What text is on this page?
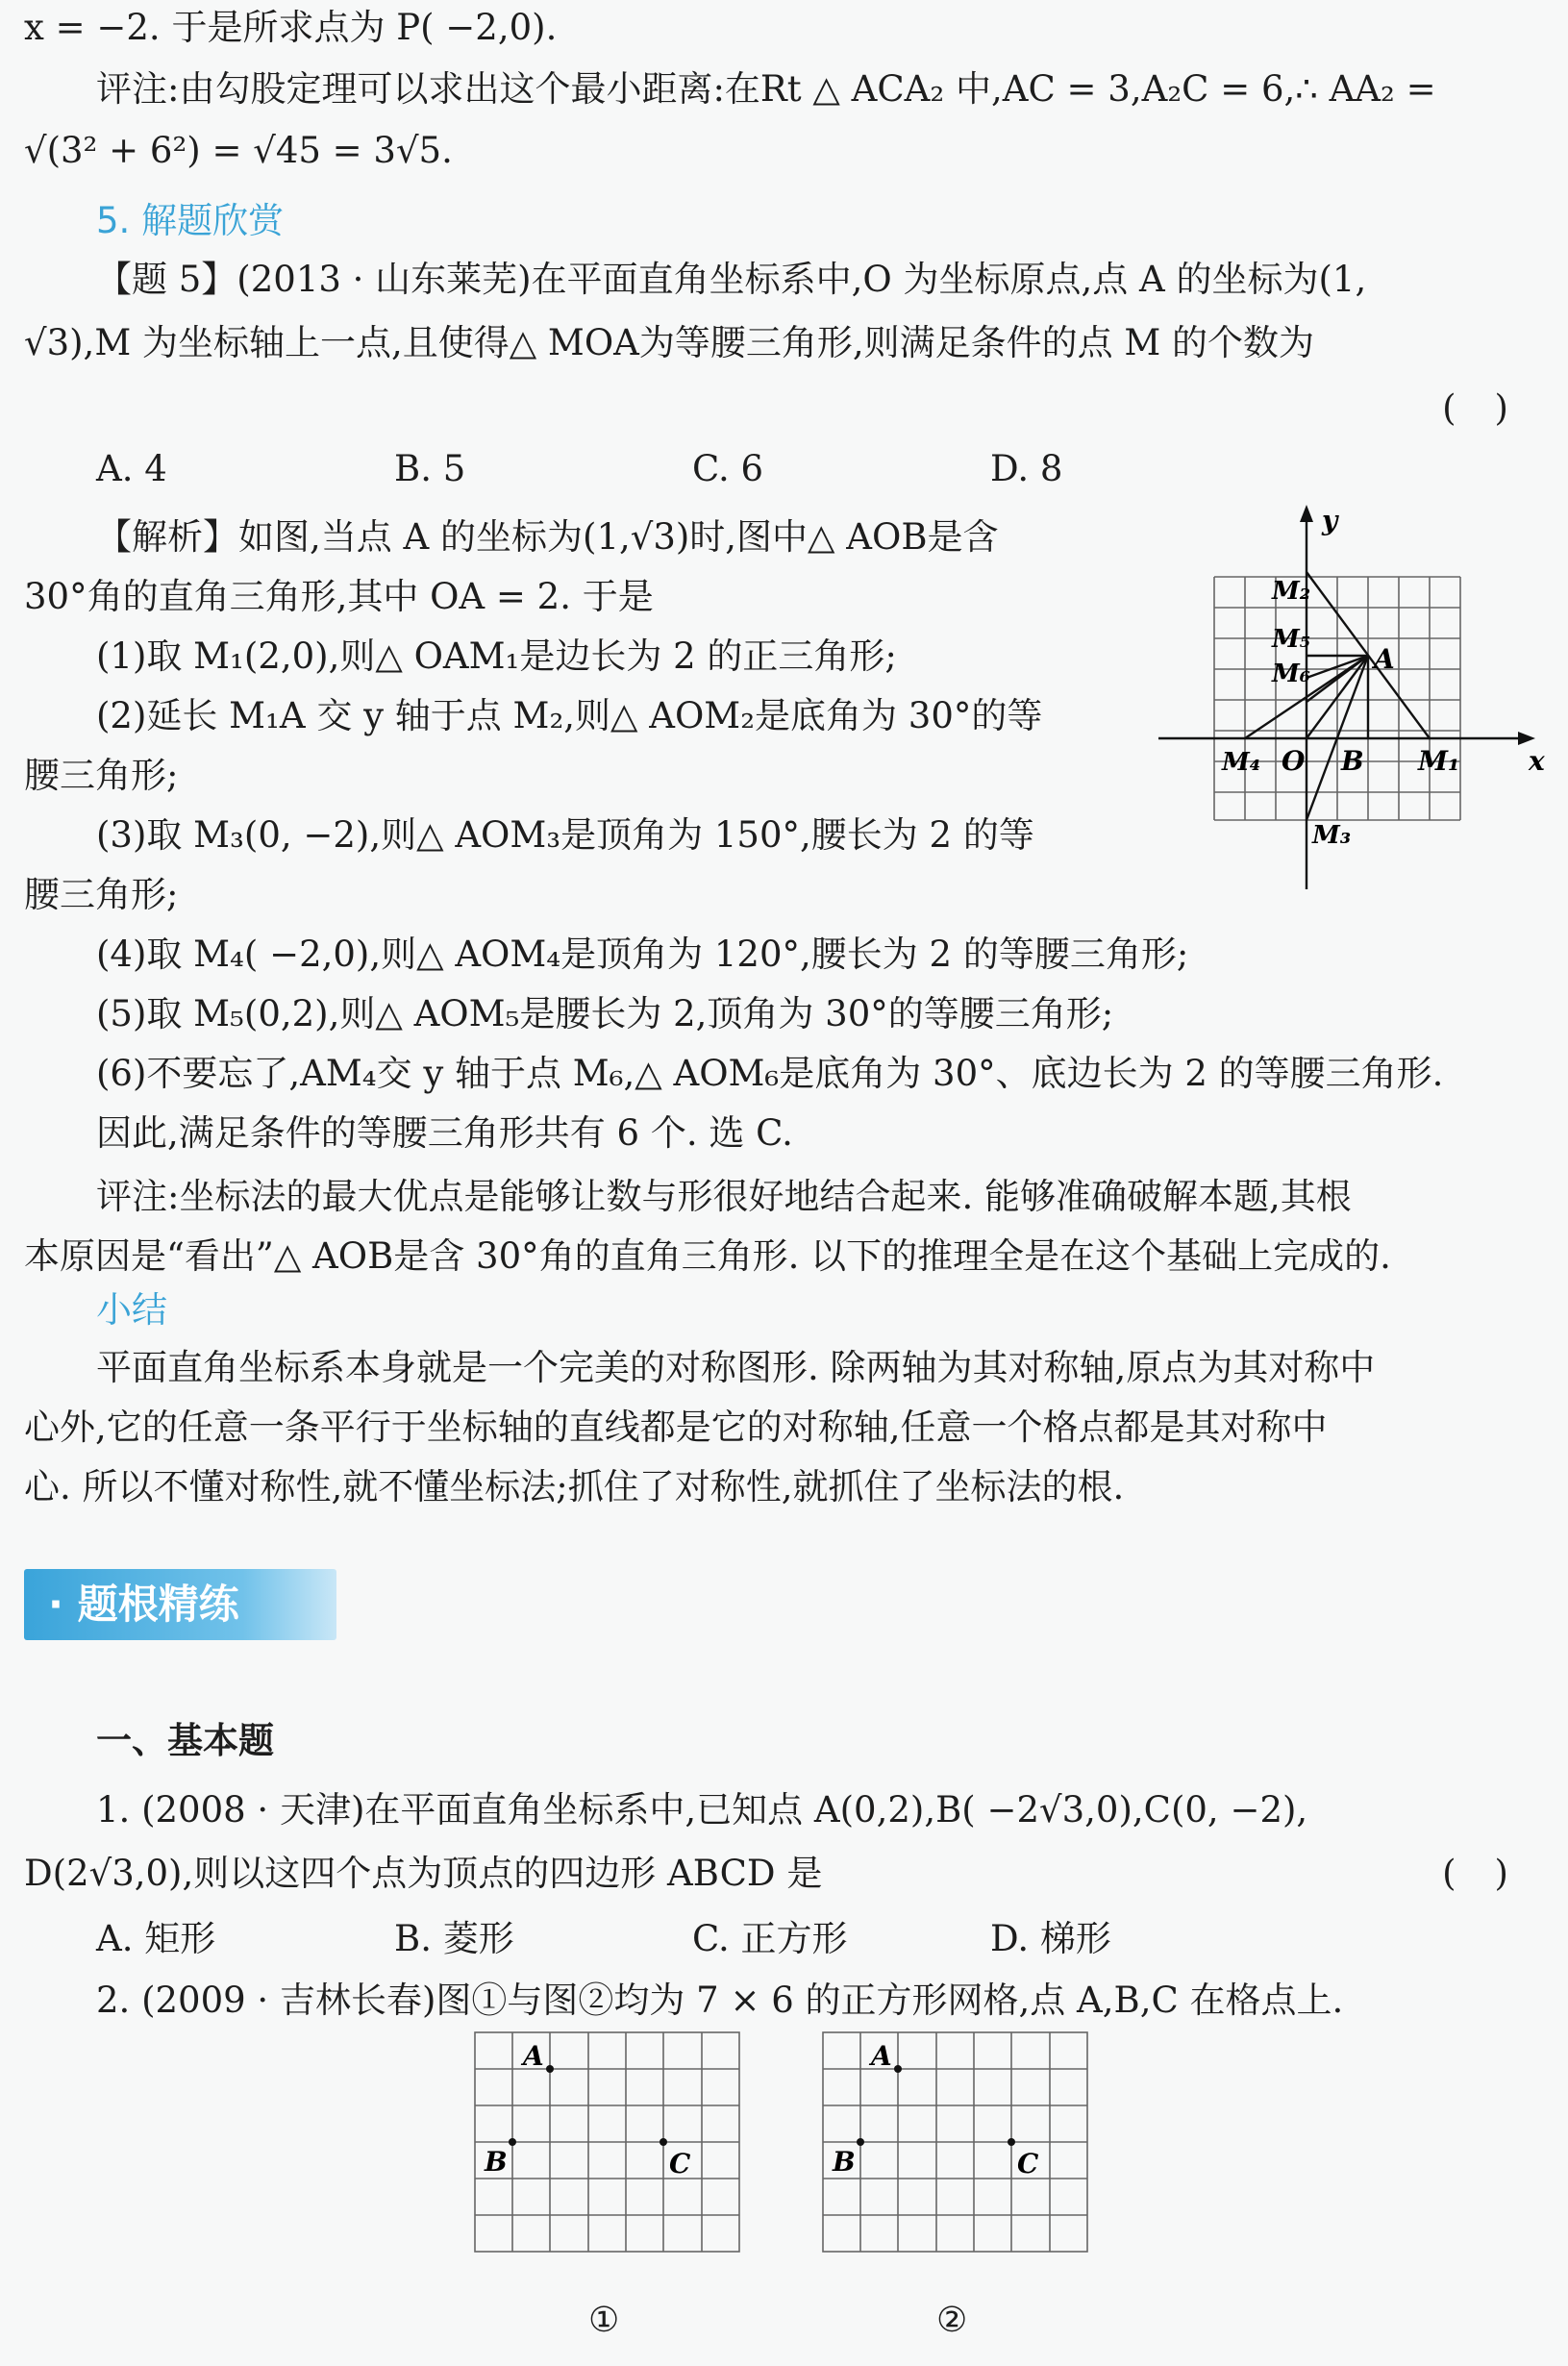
x = −2. 于是所求点为 P( −2,0).
评注:由勾股定理可以求出这个最小距离:在Rt △ ACA₂ 中,AC = 3,A₂C = 6,∴ AA₂ =
√(3² + 6²) = √45 = 3√5.
5. 解题欣赏
【题 5】(2013 · 山东莱芜)在平面直角坐标系中,O 为坐标原点,点 A 的坐标为(1,
√3),M 为坐标轴上一点,且使得△ MOA为等腰三角形,则满足条件的点 M 的个数为
()
A. 4	B. 5	C. 6	D. 8
【解析】如图,当点 A 的坐标为(1,√3)时,图中△ AOB是含
30°角的直角三角形,其中 OA = 2. 于是
(1)取 M₁(2,0),则△ OAM₁是边长为 2 的正三角形;
(2)延长 M₁A 交 y 轴于点 M₂,则△ AOM₂是底角为 30°的等
腰三角形;
(3)取 M₃(0, −2),则△ AOM₃是顶角为 150°,腰长为 2 的等
腰三角形;
(4)取 M₄( −2,0),则△ AOM₄是顶角为 120°,腰长为 2 的等腰三角形;
(5)取 M₅(0,2),则△ AOM₅是腰长为 2,顶角为 30°的等腰三角形;
(6)不要忘了,AM₄交 y 轴于点 M₆,△ AOM₆是底角为 30°、底边长为 2 的等腰三角形.
因此,满足条件的等腰三角形共有 6 个. 选 C.
评注:坐标法的最大优点是能够让数与形很好地结合起来. 能够准确破解本题,其根
本原因是“看出”△ AOB是含 30°角的直角三角形. 以下的推理全是在这个基础上完成的.
小结
平面直角坐标系本身就是一个完美的对称图形. 除两轴为其对称轴,原点为其对称中
心外,它的任意一条平行于坐标轴的直线都是它的对称轴,任意一个格点都是其对称中
心. 所以不懂对称性,就不懂坐标法;抓住了对称性,就抓住了坐标法的根.
· 题根精练
一、基本题
1. (2008 · 天津)在平面直角坐标系中,已知点 A(0,2),B( −2√3,0),C(0, −2),
D(2√3,0),则以这四个点为顶点的四边形 ABCD 是	()
A. 矩形	B. 菱形	C. 正方形	D. 梯形
2. (2009 · 吉林长春)图①与图②均为 7 × 6 的正方形网格,点 A,B,C 在格点上.
y
x
O
A
B M₁
M₂
M₃
M₄
M₅
M₆
A
B	C
A
B	C
①	②
